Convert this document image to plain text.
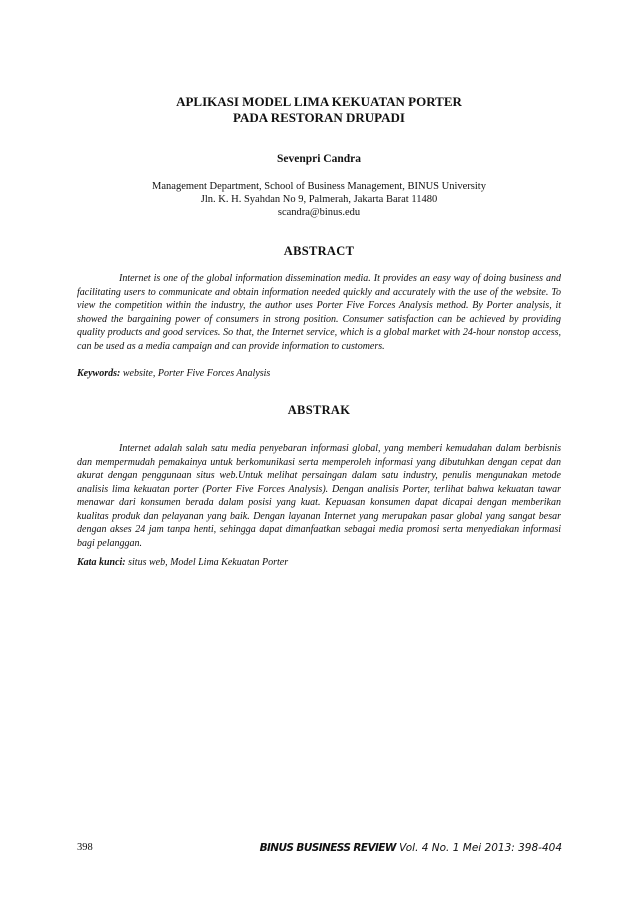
APLIKASI MODEL LIMA KEKUATAN PORTER
PADA RESTORAN DRUPADI
Sevenpri Candra
Management Department, School of Business Management, BINUS University
Jln. K. H. Syahdan No 9, Palmerah, Jakarta Barat 11480
scandra@binus.edu
ABSTRACT

Internet is one of the global information dissemination media. It provides an easy way of doing business and facilitating users to communicate and obtain information needed quickly and accurately with the use of the website. To view the competition within the industry, the author uses Porter Five Forces Analysis method. By Porter analysis, it showed the bargaining power of consumers in strong position. Consumer satisfaction can be achieved by providing quality products and good services. So that, the Internet service, which is a global market with 24-hour nonstop access, can be used as a media campaign and can provide information to customers.

Keywords: website, Porter Five Forces Analysis

ABSTRAK

Internet adalah salah satu media penyebaran informasi global, yang memberi kemudahan dalam berbisnis dan mempermudah pemakainya untuk berkomunikasi serta memperoleh informasi yang dibutuhkan dengan cepat dan akurat dengan penggunaan situs web.Untuk melihat persaingan dalam satu industry, penulis mengunakan metode analisis lima kekuatan porter (Porter Five Forces Analysis). Dengan analisis Porter, terlihat bahwa kekuatan tawar menawar dari konsumen berada dalam posisi yang kuat. Kepuasan konsumen dapat dicapai dengan memberikan kualitas produk dan pelayanan yang baik. Dengan layanan Internet yang merupakan pasar global yang sangat besar dengan akses 24 jam tanpa henti, sehingga dapat dimanfaatkan sebagai media promosi serta menyediakan informasi bagi pelanggan.

Kata kunci: situs web, Model Lima Kekuatan Porter

398	BINUS BUSINESS REVIEW Vol. 4 No. 1 Mei 2013: 398-404
